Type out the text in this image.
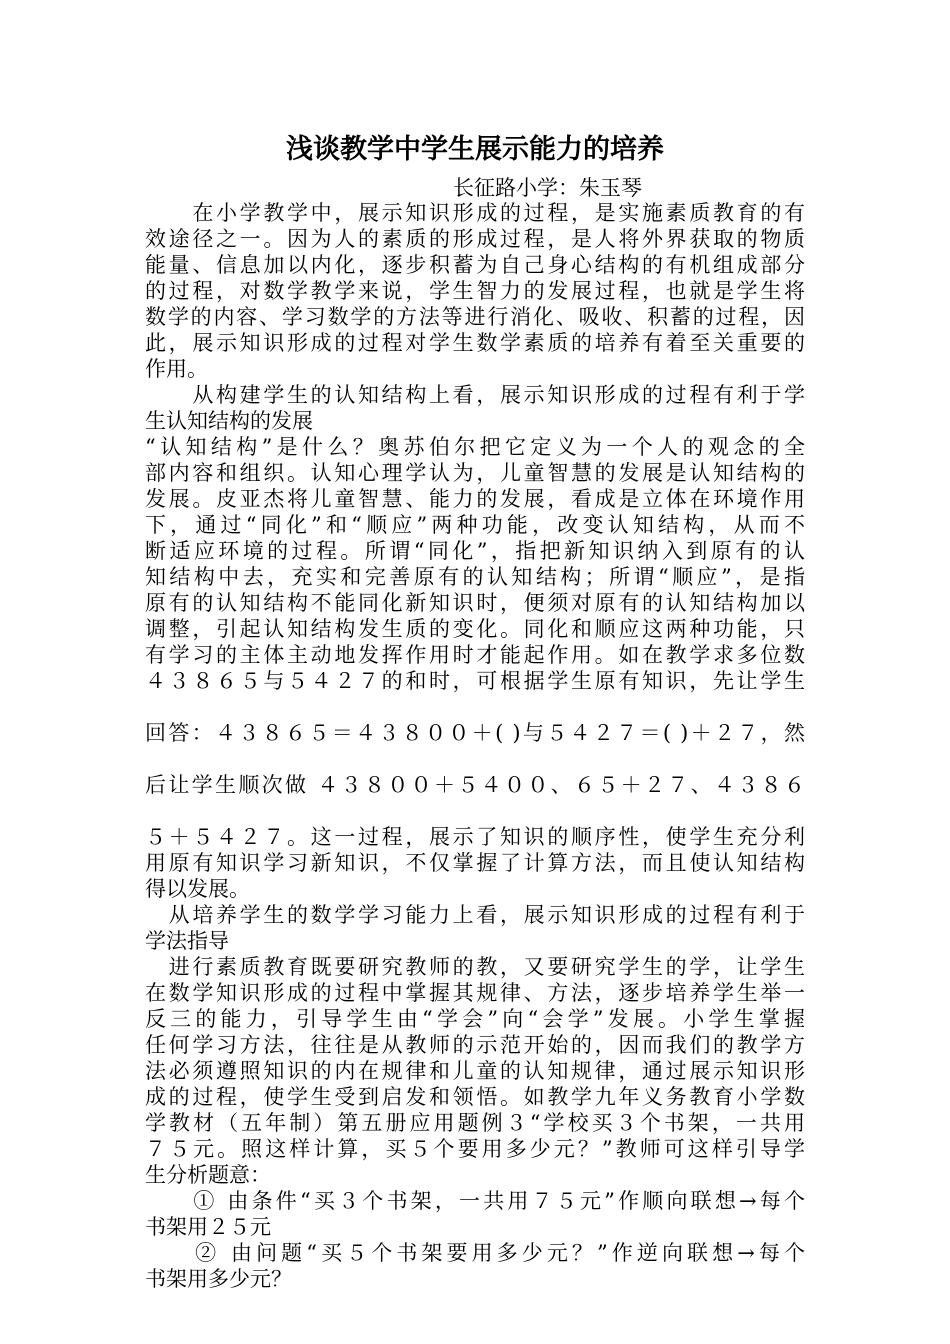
浅谈教学中学生展示能力的培养
长征路小学：朱玉琴
　　在小学教学中，展示知识形成的过程，是实施素质教育的有
效途径之一。因为人的素质的形成过程，是人将外界获取的物质
能量、信息加以内化，逐步积蓄为自己身心结构的有机组成部分
的过程，对数学教学来说，学生智力的发展过程，也就是学生将
数学的内容、学习数学的方法等进行消化、吸收、积蓄的过程，因
此，展示知识形成的过程对学生数学素质的培养有着至关重要的
作用。
　　从构建学生的认知结构上看，展示知识形成的过程有利于学
生认知结构的发展
“认知结构”是什么？奥苏伯尔把它定义为一个人的观念的全
部内容和组织。认知心理学认为，儿童智慧的发展是认知结构的
发展。皮亚杰将儿童智慧、能力的发展，看成是立体在环境作用
下，通过“同化”和“顺应”两种功能，改变认知结构，从而不
断适应环境的过程。所谓“同化”，指把新知识纳入到原有的认
知结构中去，充实和完善原有的认知结构；所谓“顺应”，是指
原有的认知结构不能同化新知识时，便须对原有的认知结构加以
调整，引起认知结构发生质的变化。同化和顺应这两种功能，只
有学习的主体主动地发挥作用时才能起作用。如在教学求多位数
４３８６５与５４２７的和时，可根据学生原有知识，先让学生
回答：４３８６５＝４３８００＋( )与５４２７＝( )＋２７，然
后让学生顺次做 ４３８００＋５４００、６５＋２７、４３８６
５＋５４２７。这一过程，展示了知识的顺序性，使学生充分利
用原有知识学习新知识，不仅掌握了计算方法，而且使认知结构
得以发展。
　从培养学生的数学学习能力上看，展示知识形成的过程有利于
学法指导
　进行素质教育既要研究教师的教，又要研究学生的学，让学生
在数学知识形成的过程中掌握其规律、方法，逐步培养学生举一
反三的能力，引导学生由“学会”向“会学”发展。小学生掌握
任何学习方法，往往是从教师的示范开始的，因而我们的教学方
法必须遵照知识的内在规律和儿童的认知规律，通过展示知识形
成的过程，使学生受到启发和领悟。如教学九年义务教育小学数
学教材（五年制）第五册应用题例３“学校买３个书架，一共用
７５元。照这样计算，买５个要用多少元？”教师可这样引导学
生分析题意：
　　① 由条件“买３个书架，一共用７５元”作顺向联想→每个
书架用２５元
　　② 由问题“买５个书架要用多少元？”作逆向联想→每个
书架用多少元？
